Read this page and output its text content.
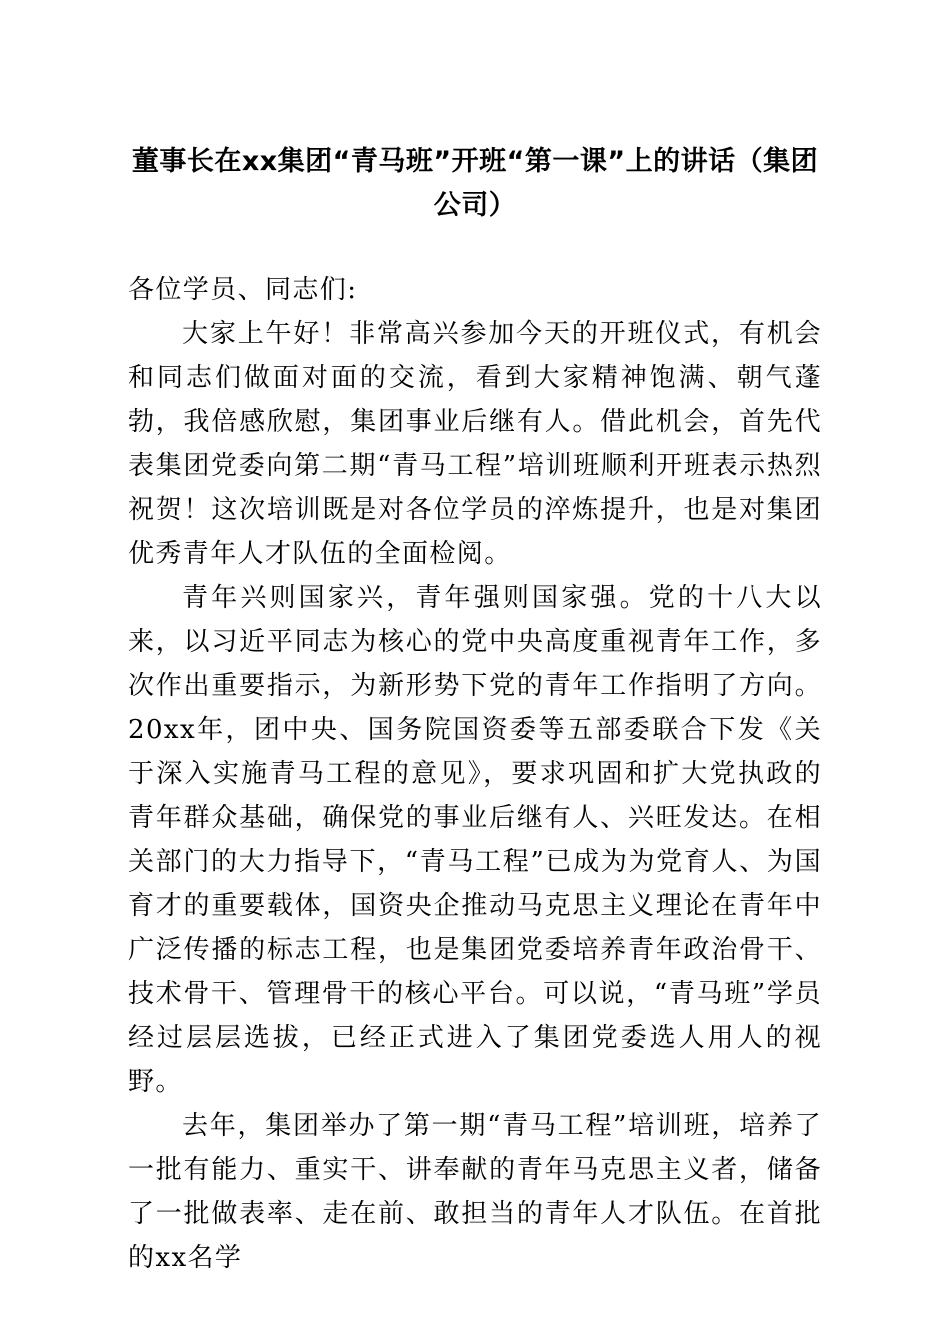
董事长在xx集团“青马班”开班“第一课”上的讲话（集团公司）

各位学员、同志们:

大家上午好！非常高兴参加今天的开班仪式，有机会和同志们做面对面的交流，看到大家精神饱满、朝气蓬勃，我倍感欣慰，集团事业后继有人。借此机会，首先代表集团党委向第二期“青马工程”培训班顺利开班表示热烈祝贺！这次培训既是对各位学员的淬炼提升，也是对集团优秀青年人才队伍的全面检阅。

青年兴则国家兴，青年强则国家强。党的十八大以来，以习近平同志为核心的党中央高度重视青年工作，多次作出重要指示，为新形势下党的青年工作指明了方向。20xx年，团中央、国务院国资委等五部委联合下发《关于深入实施青马工程的意见》，要求巩固和扩大党执政的青年群众基础，确保党的事业后继有人、兴旺发达。在相关部门的大力指导下，“青马工程”已成为为党育人、为国育才的重要载体，国资央企推动马克思主义理论在青年中广泛传播的标志工程，也是集团党委培养青年政治骨干、技术骨干、管理骨干的核心平台。可以说，“青马班”学员经过层层选拔，已经正式进入了集团党委选人用人的视野。

去年，集团举办了第一期“青马工程”培训班，培养了一批有能力、重实干、讲奉献的青年马克思主义者，储备了一批做表率、走在前、敢担当的青年人才队伍。在首批的xx名学
